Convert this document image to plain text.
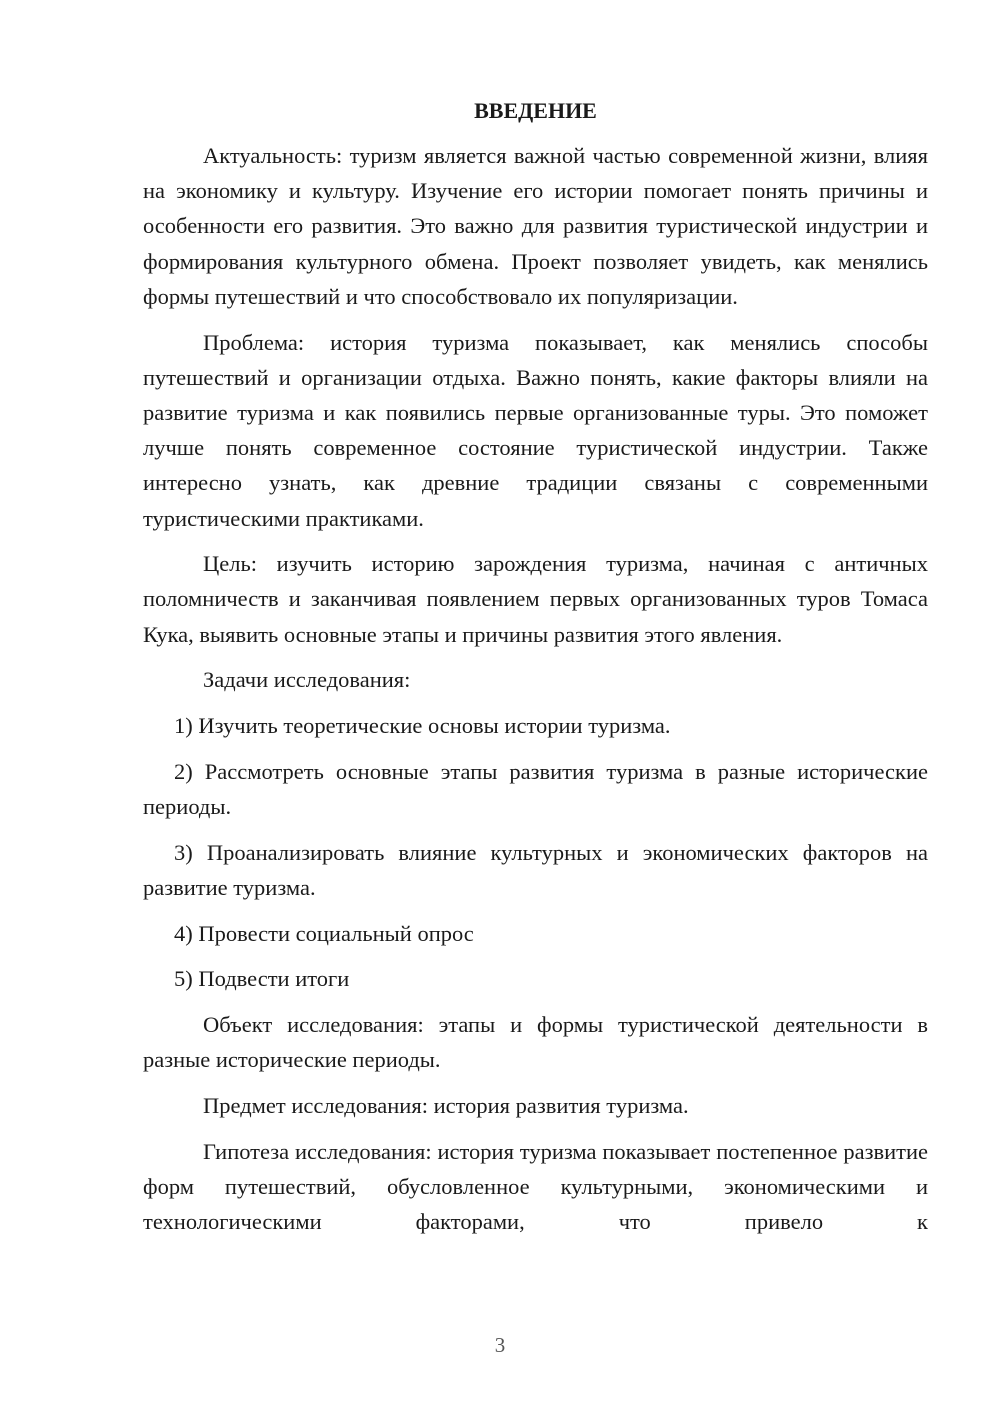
ВВЕДЕНИЕ

Актуальность: туризм является важной частью современной жизни, влияя на экономику и культуру. Изучение его истории помогает понять причины и особенности его развития. Это важно для развития туристической индустрии и формирования культурного обмена. Проект позволяет увидеть, как менялись формы путешествий и что способствовало их популяризации.

Проблема: история туризма показывает, как менялись способы путешествий и организации отдыха. Важно понять, какие факторы влияли на развитие туризма и как появились первые организованные туры. Это поможет лучше понять современное состояние туристической индустрии. Также интересно узнать, как древние традиции связаны с современными туристическими практиками.

Цель: изучить историю зарождения туризма, начиная с античных поломничеств и заканчивая появлением первых организованных туров Томаса Кука, выявить основные этапы и причины развития этого явления.

Задачи исследования:

1) Изучить теоретические основы истории туризма.

2) Рассмотреть основные этапы развития туризма в разные исторические периоды.

3) Проанализировать влияние культурных и экономических факторов на развитие туризма.

4) Провести социальный опрос

5) Подвести итоги

Объект исследования: этапы и формы туристической деятельности в разные исторические периоды.

Предмет исследования: история развития туризма.

Гипотеза исследования: история туризма показывает постепенное развитие форм путешествий, обусловленное культурными, экономическими и технологическими факторами, что привело к

3
